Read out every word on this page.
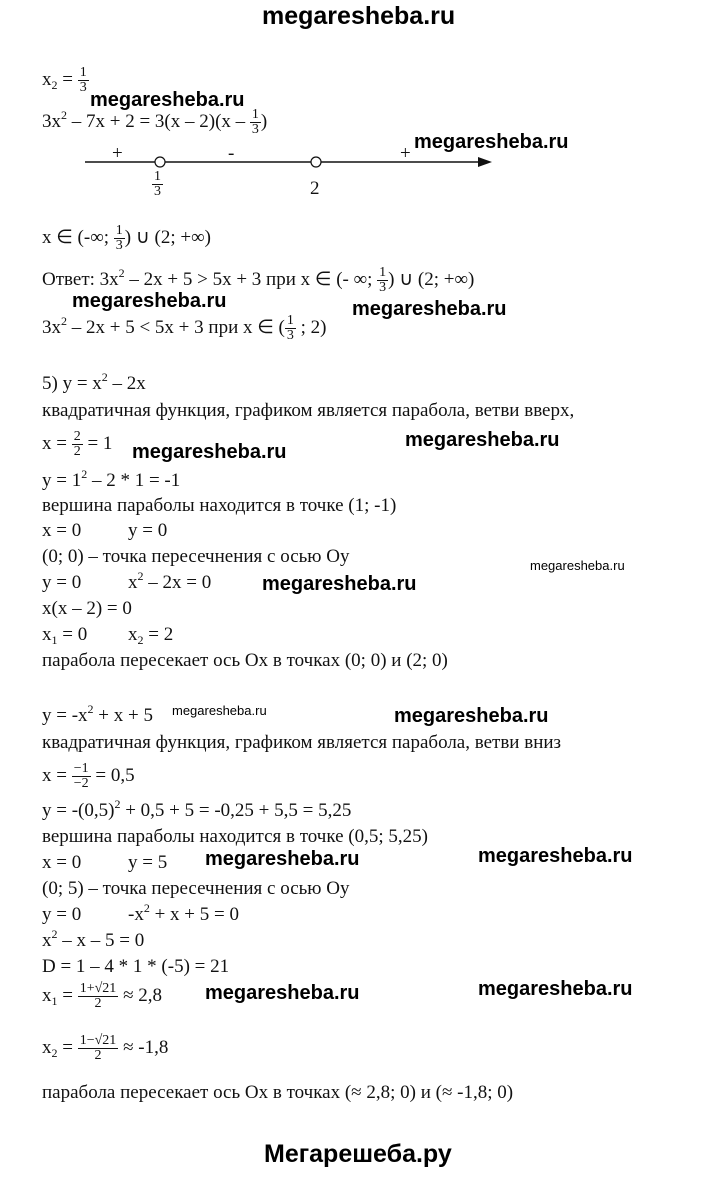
megaresheba.ru
$x_2 = \frac{1}{3}$
$3x^2 - 7x + 2 = 3(x - 2)(x - \frac{1}{3}$ )
+	-	+
$\frac{1}{3}$	2
x ∈ (-∞; $\frac{1}{3}$ ) ∪ (2; +∞)
Ответ: $3x^2 - 2x + 5 > 5x + 3$ при x ∈ (- ∞; $\frac{1}{3}$ ) ∪ (2; +∞)
$3x^2 - 2x + 5 < 5x + 3$ при x ∈ ( $\frac{1}{3}$ ; 2)
5) $y = x^2 - 2x$
квадратичная функция, графиком является парабола, ветви вверх,
$x = \frac{2}{2} = 1$
$y = 1^2 - 2 * 1 = -1$
вершина параболы находится в точке (1; -1)
x = 0 y = 0
(0; 0) – точка пересечнения с осью Оу
y = 0 $x^2 - 2x = 0$
x(x – 2) = 0
$x_1 = 0$ $x_2 = 2$
парабола пересекает ось Ох в точках (0; 0) и (2; 0)
$y = -x^2 + x + 5$
квадратичная функция, графиком является парабола, ветви вниз
$x = \frac{-1}{-2} = 0,5$
$y = -(0,5)^2 + 0,5 + 5 = -0,25 + 5,5 = 5,25$
вершина параболы находится в точке (0,5; 5,25)
x = 0 y = 5
(0; 5) – точка пересечнения с осью Оу
y = 0 $-x^2 + x + 5 = 0$
$x^2 - x - 5 = 0$
D = 1 – 4 * 1 * (-5) = 21
$x_1 = \frac{1+√21}{2} \approx 2,8$
$x_2 = \frac{1-√21}{2} \approx -1,8$
парабола пересекает ось Ох в точках (≈ 2,8; 0) и (≈ -1,8; 0)
megaresheba.ru
megaresheba.ru
megaresheba.ru	megaresheba.ru
megaresheba.ru
megaresheba.ru
megaresheba.ru
megaresheba.ru
megaresheba.ru	megaresheba.ru
megaresheba.ru	megaresheba.ru
megaresheba.ru	megaresheba.ru
Мегарешеба.ру
